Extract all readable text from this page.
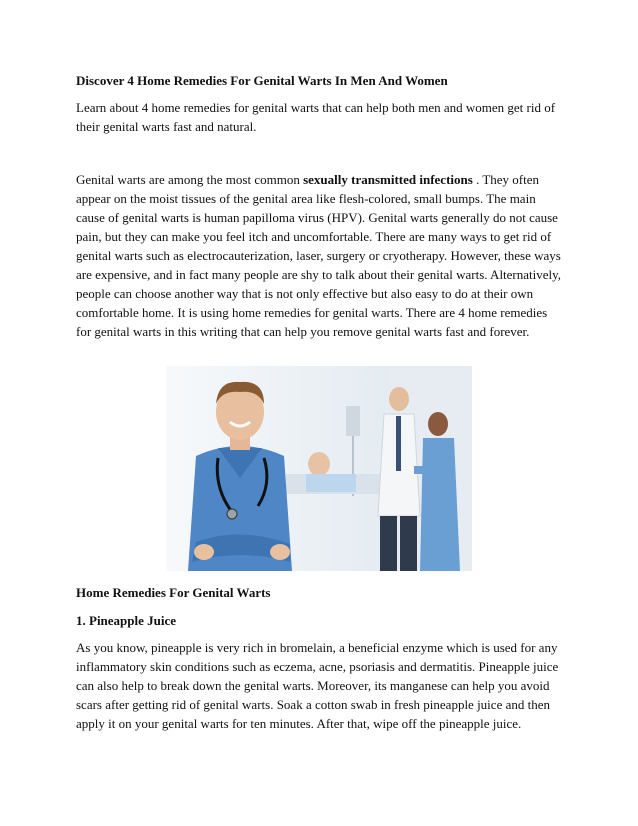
Discover 4 Home Remedies For Genital Warts In Men And Women

Learn about 4 home remedies for genital warts that can help both men and women get rid of their genital warts fast and natural.

Genital warts are among the most common sexually transmitted infections . They often appear on the moist tissues of the genital area like flesh-colored, small bumps. The main cause of genital warts is human papilloma virus (HPV). Genital warts generally do not cause pain, but they can make you feel itch and uncomfortable. There are many ways to get rid of genital warts such as electrocauterization, laser, surgery or cryotherapy. However, these ways are expensive, and in fact many people are shy to talk about their genital warts. Alternatively, people can choose another way that is not only effective but also easy to do at their own comfortable home. It is using home remedies for genital warts. There are 4 home remedies for genital warts in this writing that can help you remove genital warts fast and forever.

Home Remedies For Genital Warts
1. Pineapple Juice

As you know, pineapple is very rich in bromelain, a beneficial enzyme which is used for any inflammatory skin conditions such as eczema, acne, psoriasis and dermatitis. Pineapple juice can also help to break down the genital warts. Moreover, its manganese can help you avoid scars after getting rid of genital warts. Soak a cotton swab in fresh pineapple juice and then apply it on your genital warts for ten minutes. After that, wipe off the pineapple juice.
